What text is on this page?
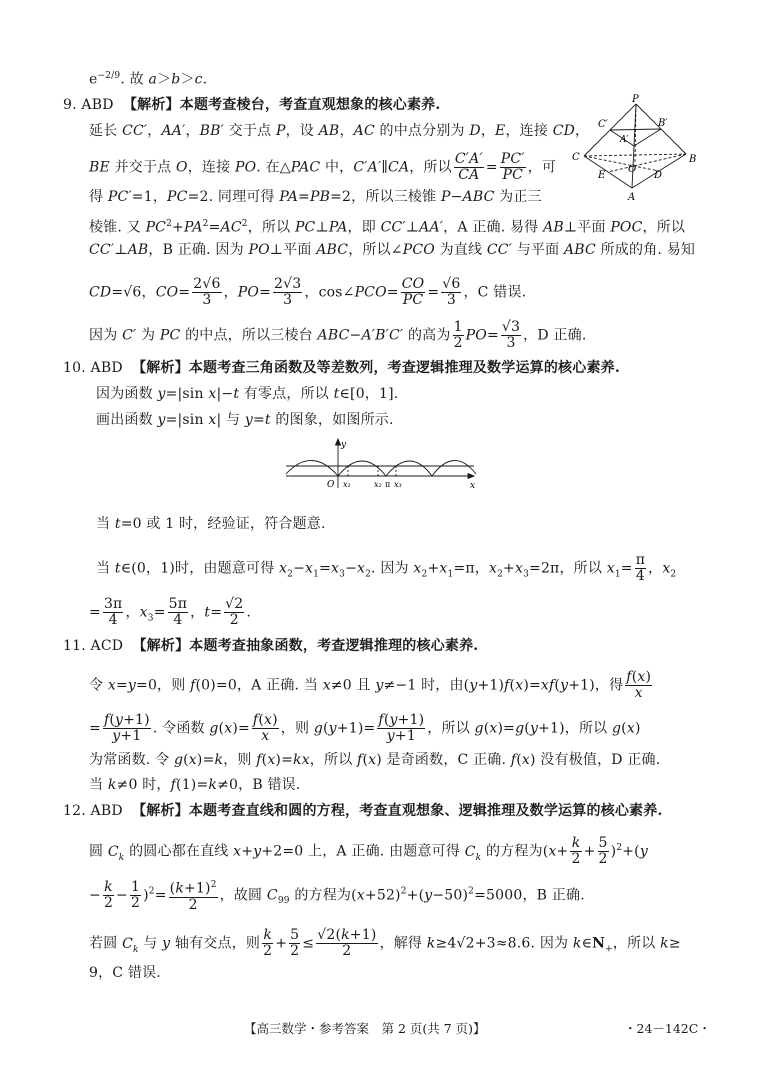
$e^{-2/9}$. 故 a＞b＞c.
9. ABD 【解析】本题考查棱台，考查直观想象的核心素养.
延长 CC′，AA′，BB′ 交于点 P，设 AB，AC 的中点分别为 D，E，连接 CD，
BE 并交于点 O，连接 PO. 在△PAC 中，C′A′∥CA，所以 $\frac{C'A'}{CA} = \frac{PC'}{PC}$ ，可
得 PC′=1，PC=2. 同理可得 PA=PB=2，所以三棱锥 P−ABC 为正三
棱锥. 又 $PC^2+PA^2=AC^2$，所以 PC⊥PA，即 CC′⊥AA′，A 正确. 易得 AB⊥平面 POC，所以
CC′⊥AB，B 正确. 因为 PO⊥平面 ABC，所以∠PCO 为直线 CC′ 与平面 ABC 所成的角. 易知
CD=√6，$CO= \frac{2√6}{3}$ ，$PO= \frac{2√3}{3}$ ，cos∠PCO= $\frac{CO}{PC} = \frac{√6}{3}$ ，C 错误.
因为 C′ 为 PC 的中点，所以三棱台 ABC−A′B′C′ 的高为 $\frac{1}{2} PO= \frac{√3}{3}$ ，D 正确.
P
C′
A′
B′
C	B
E
O
D
A
10. ABD 【解析】本题考查三角函数及等差数列，考查逻辑推理及数学运算的核心素养.
因为函数 y=|sin x|−t 有零点，所以 t∈[0，1].
画出函数 y=|sin x| 与 y=t 的图象，如图所示.
y
O x₁	x₂ π x₃	x
当 t=0 或 1 时，经验证，符合题意.
当 t∈(0，1)时，由题意可得 $x_2-x_1=x_3-x_2$. 因为 $x_2+x_1=\pi$，$x_2+x_3=2\pi$，所以 $x_1= \frac{\pi}{4}$ ，$x_2$
= $\frac{3\pi}{4}$ ，$x_3= \frac{5\pi}{4}$ ，$t= \frac{√2}{2}$ .
11. ACD 【解析】本题考查抽象函数，考查逻辑推理的核心素养.
令 x=y=0，则 f(0)=0，A 正确. 当 x≠0 且 y≠−1 时，由(y+1)f(x)=xf(y+1)，得 $\frac{f(x)}{x}$
= $\frac{f(y+1)}{y+1}$ . 令函数 $g(x)= \frac{f(x)}{x}$ ，则 $g(y+1)= \frac{f(y+1)}{y+1}$ ，所以 g(x)=g(y+1)，所以 g(x)
为常函数. 令 g(x)=k，则 f(x)=kx，所以 f(x) 是奇函数，C 正确. f(x) 没有极值，D 正确.
当 k≠0 时，f(1)=k≠0，B 错误.
12. ABD 【解析】本题考查直线和圆的方程，考查直观想象、逻辑推理及数学运算的核心素养.
圆 $C_k$ 的圆心都在直线 x+y+2=0 上，A 正确. 由题意可得 $C_k$ 的方程为$(x+ \frac{k}{2} + \frac{5}{2} )^2+(y$
− $\frac{k}{2} - \frac{1}{2} )^2= \frac{(k+1)^2}{2}$ ，故圆 $C_{99}$ 的方程为$(x+52)^2+(y-50)^2=5000$，B 正确.
若圆 $C_k$ 与 y 轴有交点，则 $\frac{k}{2} + \frac{5}{2} \le \frac{√2(k+1)}{2}$ ，解得 k≥4√2+3≈8.6. 因为 $k\in N_+$，所以 k≥
9，C 错误.
【高三数学・参考答案　第 2 页(共 7 页)】	・24－142C・
